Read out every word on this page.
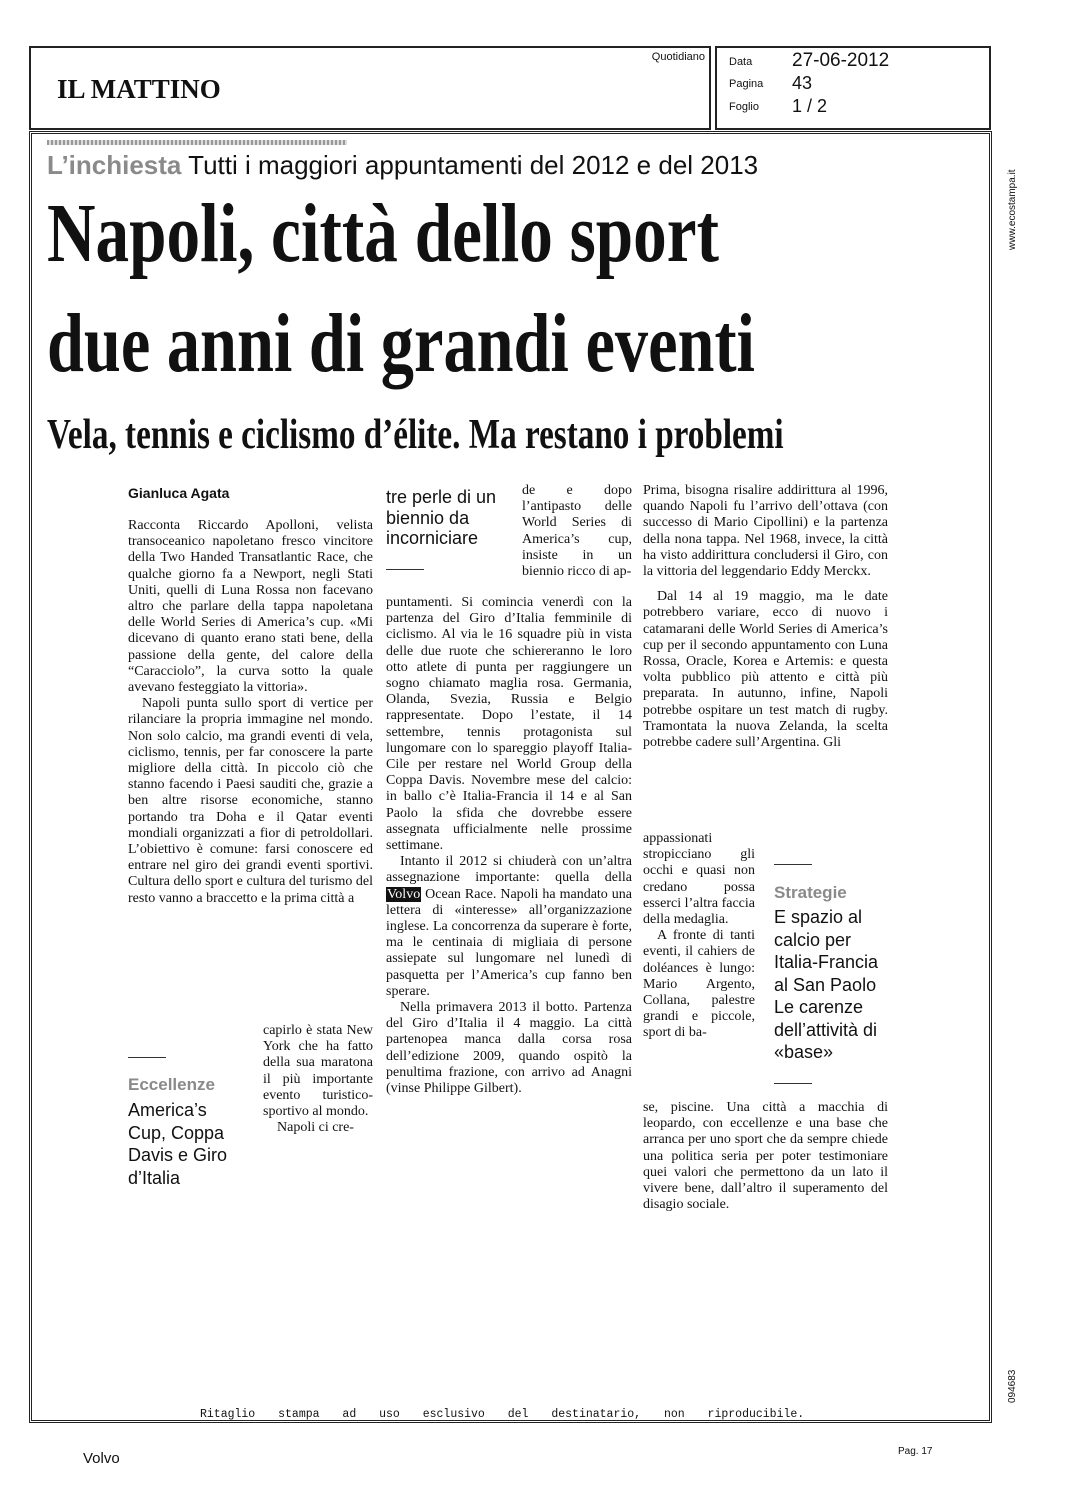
IL MATTINO
Quotidiano Data 27-06-2012
Pagina 43
Foglio 1 / 2
www.ecostampa.it
094683
L’inchiesta Tutti i maggiori appuntamenti del 2012 e del 2013
Napoli, città dello sport
due anni di grandi eventi
Vela, tennis e ciclismo d’élite. Ma restano i problemi
Gianluca Agata

Racconta Riccardo Apolloni, velista transoceanico napoletano fresco vincitore della Two Handed Transatlantic Race, che qualche giorno fa a Newport, negli Stati Uniti, quelli di Luna Rossa non facevano altro che parlare della tappa napoletana delle World Series di America’s cup. «Mi dicevano di quanto erano stati bene, della passione della gente, del calore della “Caracciolo”, la curva sotto la quale avevano festeggiato la vittoria».

Napoli punta sullo sport di vertice per rilanciare la propria immagine nel mondo. Non solo calcio, ma grandi eventi di vela, ciclismo, tennis, per far conoscere la parte migliore della città. In piccolo ciò che stanno facendo i Paesi sauditi che, grazie a ben altre risorse economiche, stanno portando tra Doha e il Qatar eventi mondiali organizzati a fior di petroldollari. L’obiettivo è comune: farsi conoscere ed entrare nel giro dei grandi eventi sportivi. Cultura dello sport e cultura del turismo del resto vanno a braccetto e la prima città a

capirlo è stata New York che ha fatto della sua maratona il più importante evento turistico-sportivo al mondo.

Napoli ci cre-

Eccellenze
America’s Cup, Coppa Davis e Giro d’Italia
tre perle di un biennio da incorniciare

de e dopo l’antipasto delle World Series di America’s cup, insiste in un biennio ricco di ap-

puntamenti. Si comincia venerdì con la partenza del Giro d’Italia femminile di ciclismo. Al via le 16 squadre più in vista delle due ruote che schiereranno le loro otto atlete di punta per raggiungere un sogno chiamato maglia rosa. Germania, Olanda, Svezia, Russia e Belgio rappresentate. Dopo l’estate, il 14 settembre, tennis protagonista sul lungomare con lo spareggio playoff Italia-Cile per restare nel World Group della Coppa Davis. Novembre mese del calcio: in ballo c’è Italia-Francia il 14 e al San Paolo la sfida che dovrebbe essere assegnata ufficialmente nelle prossime settimane.

Intanto il 2012 si chiuderà con un’altra assegnazione importante: quella della Volvo Ocean Race. Napoli ha mandato una lettera di «interesse» all’organizzazione inglese. La concorrenza da superare è forte, ma le centinaia di migliaia di persone assiepate sul lungomare nel lunedì di pasquetta per l’America’s cup fanno ben sperare.

Nella primavera 2013 il botto. Partenza del Giro d’Italia il 4 maggio. La città partenopea manca dalla corsa rosa dell’edizione 2009, quando ospitò la penultima frazione, con arrivo ad Anagni (vinse Philippe Gilbert).

Prima, bisogna risalire addirittura al 1996, quando Napoli fu l’arrivo dell’ottava (con successo di Mario Cipollini) e la partenza della nona tappa. Nel 1968, invece, la città ha visto addirittura concludersi il Giro, con la vittoria del leggendario Eddy Merckx.

Dal 14 al 19 maggio, ma le date potrebbero variare, ecco di nuovo i catamarani delle World Series di America’s cup per il secondo appuntamento con Luna Rossa, Oracle, Korea e Artemis: e questa volta pubblico più attento e città più preparata. In autunno, infine, Napoli potrebbe ospitare un test match di rugby. Tramontata la nuova Zelanda, la scelta potrebbe cadere sull’Argentina. Gli

appassionati stropicciano gli occhi e quasi non credano possa esserci l’altra faccia della medaglia.

A fronte di tanti eventi, il cahiers de doléances è lungo: Mario Argento, Collana, palestre grandi e piccole, sport di ba-

se, piscine. Una città a macchia di leopardo, con eccellenze e una base che arranca per uno sport che da sempre chiede una politica seria per poter testimoniare quei valori che permettono da un lato il vivere bene, dall’altro il superamento del disagio sociale.

Strategie
E spazio al calcio per Italia-Francia al San Paolo Le carenze dell’attività di «base»
Ritaglio stampa ad uso esclusivo del destinatario, non riproducibile.
Volvo	Pag. 17
